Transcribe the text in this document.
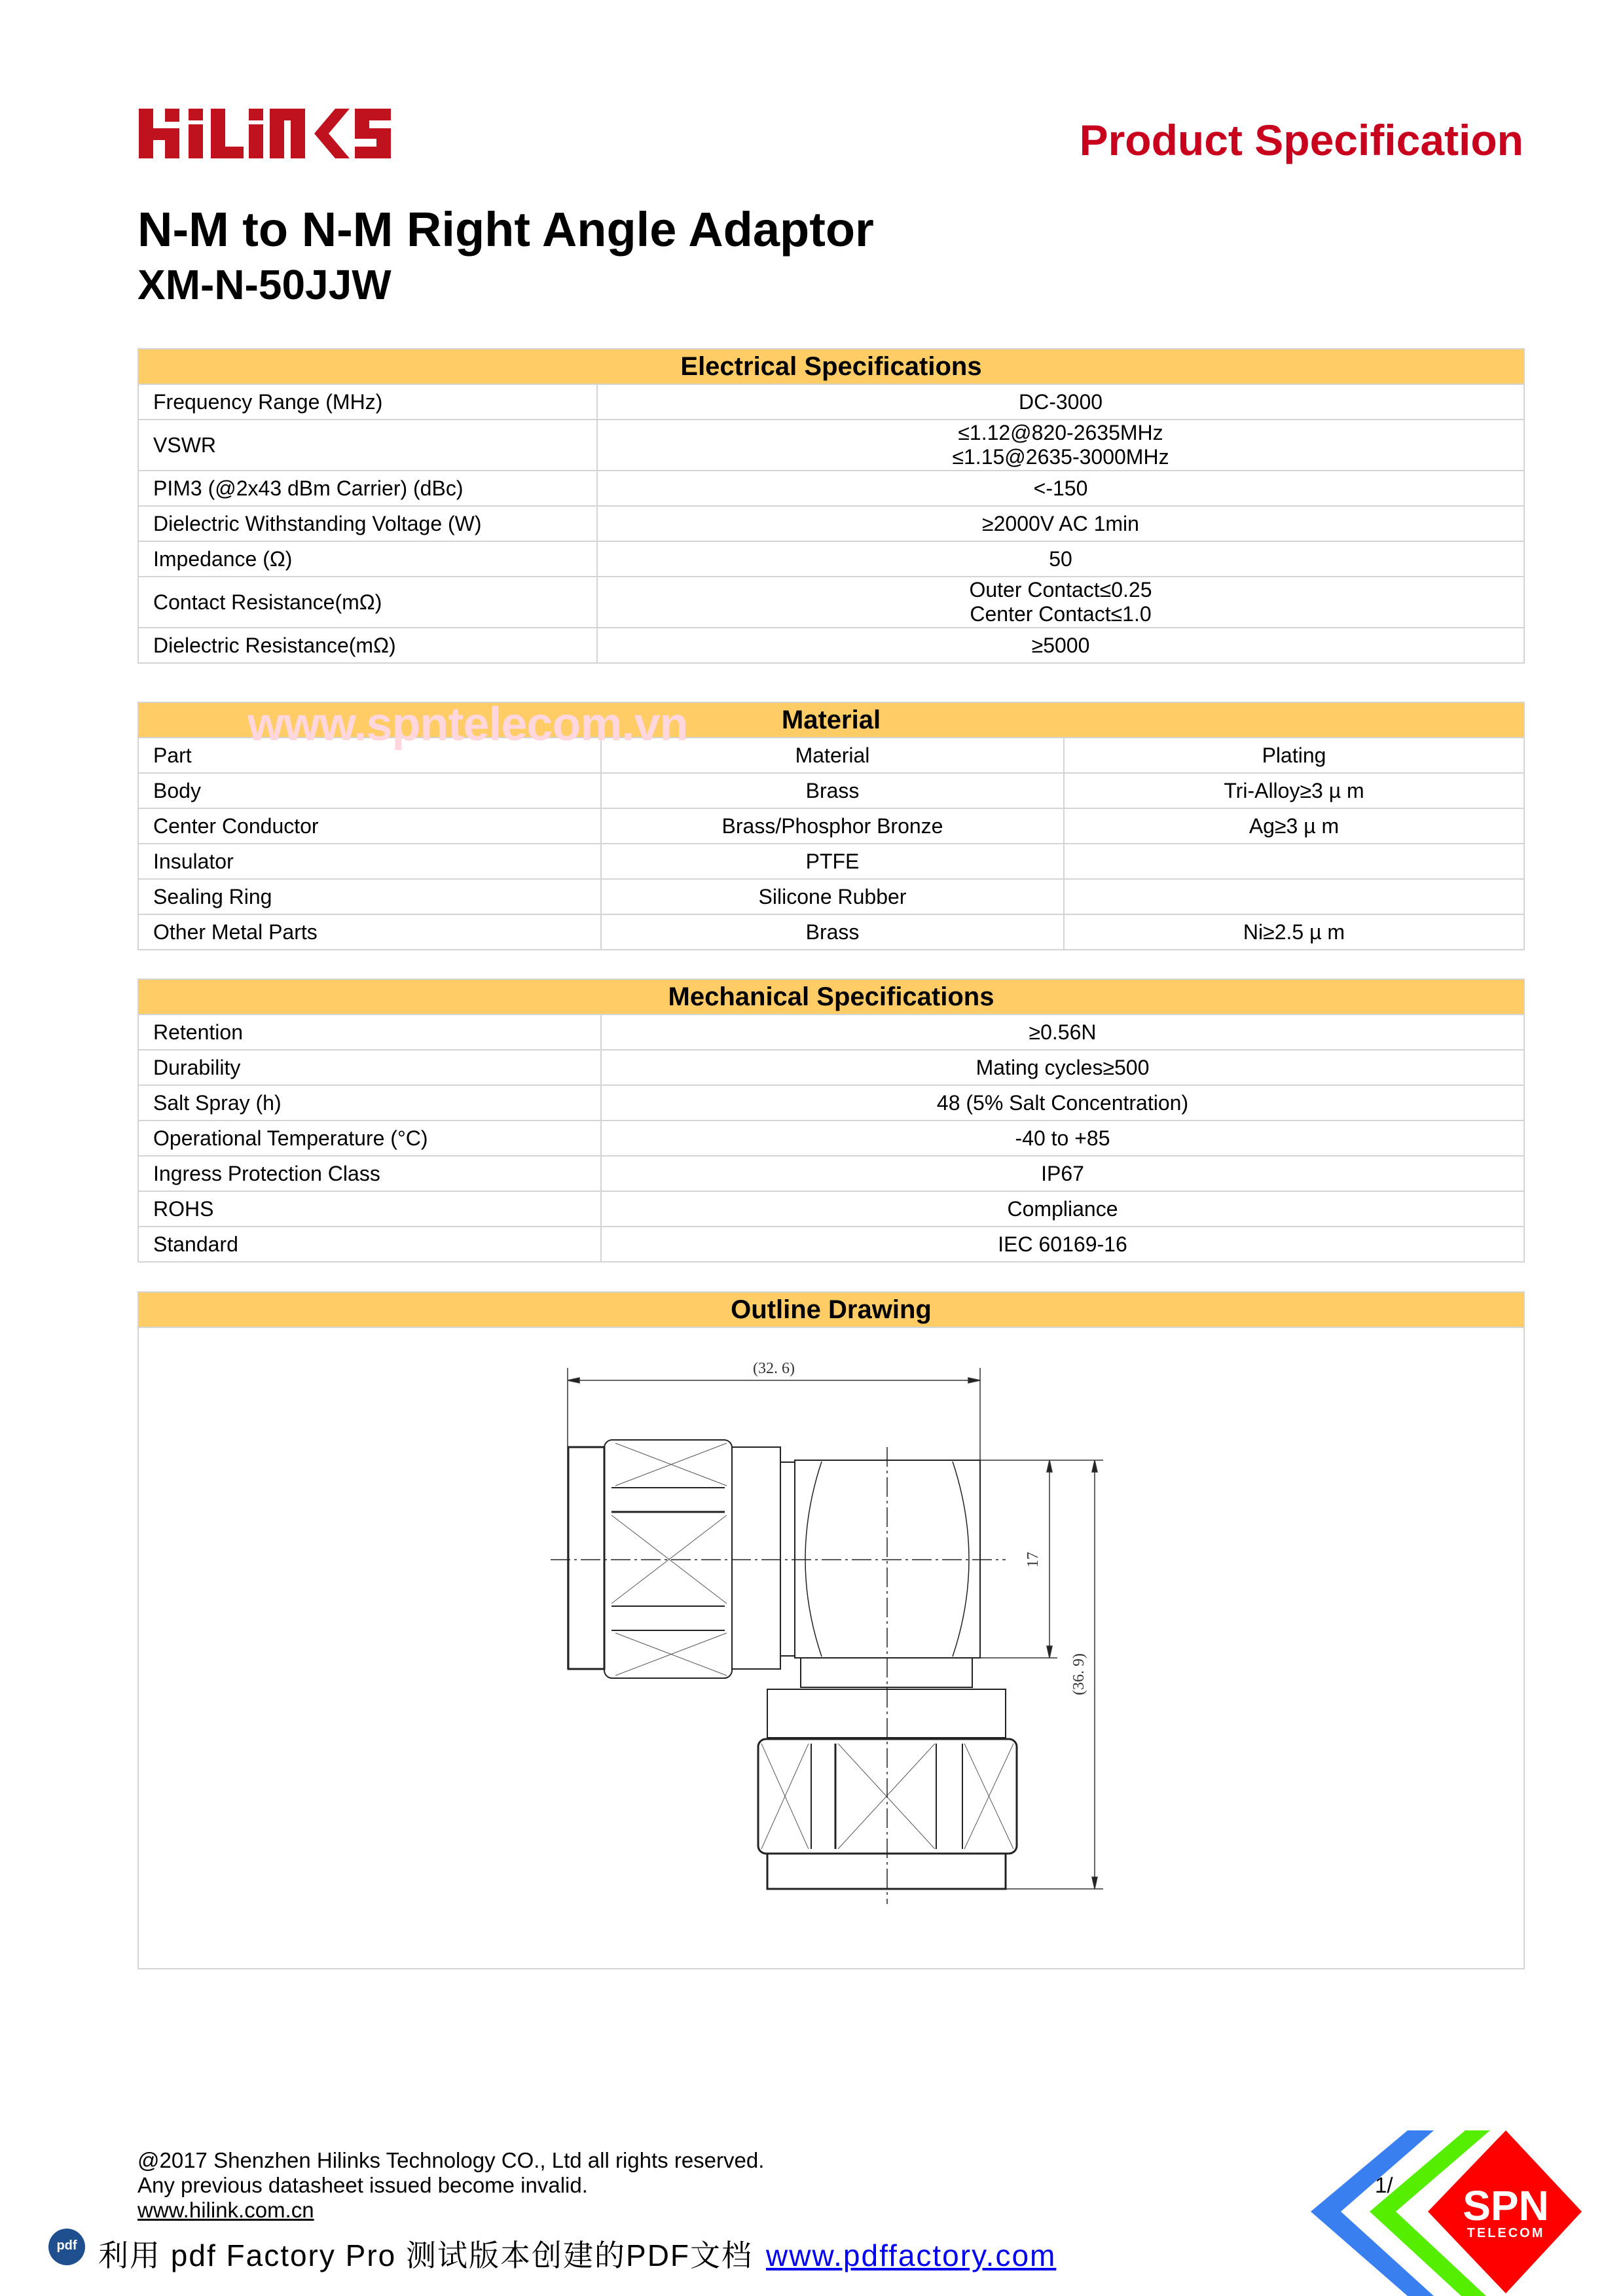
Product Specification
N-M to N-M Right Angle Adaptor
XM-N-50JJW
Electrical Specifications	
Frequency Range (MHz)	DC-3000

VSWR	≤1.12@820-2635MHz
≤1.15@2635-3000MHz

PIM3 (@2x43 dBm Carrier) (dBc)	<-150

Dielectric Withstanding Voltage (W)	≥2000V AC 1min

Impedance (Ω)	50

Contact Resistance(mΩ)	Outer Contact≤0.25
Center Contact≤1.0

Dielectric Resistance(mΩ)	≥5000
www.spntelecom.vn Material		
Part	Material	Plating
Body	Brass	Tri-Alloy≥3 µ m
Center Conductor	Brass/Phosphor Bronze	Ag≥3 µ m
Insulator	PTFE	
Sealing Ring	Silicone Rubber	
Other Metal Parts	Brass	Ni≥2.5 µ m
Mechanical Specifications	
Retention	≥0.56N
Durability	Mating cycles≥500
Salt Spray (h)	48 (5% Salt Concentration)
Operational Temperature (°C)	-40 to +85
Ingress Protection Class	IP67
ROHS	Compliance
Standard	IEC 60169-16
Outline Drawing
(32. 6)
17
(36. 9)
@2017 Shenzhen Hilinks Technology CO., Ltd all rights reserved.
Any previous datasheet issued become invalid.
www.hilink.com.cn
1/
pdf 利用 pdf Factory Pro 测试版本创建的PDF文档 www.pdffactory.com
SPN
TELECOM
